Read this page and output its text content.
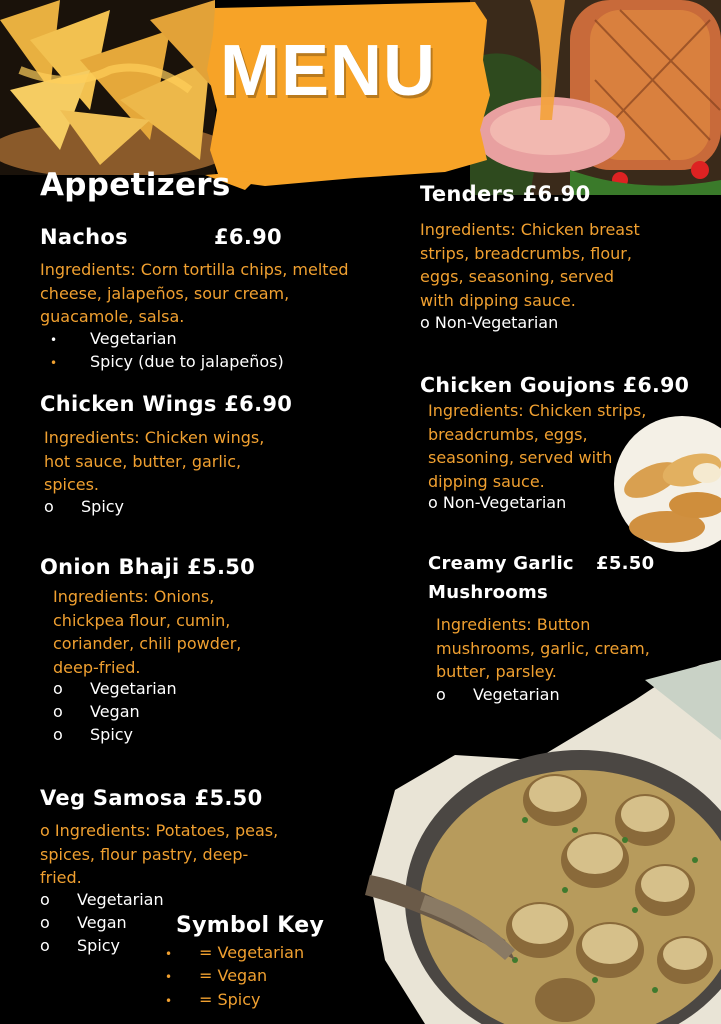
MENU
Appetizers
Nachos	£6.90
Ingredients: Corn tortilla chips, melted
cheese, jalapeños, sour cream,
guacamole, salsa.
• Vegetarian
• Spicy (due to jalapeños)
Chicken Wings £6.90
Ingredients: Chicken wings,
hot sauce, butter, garlic,
spices.
o Spicy
Onion Bhaji £5.50
Ingredients: Onions,
chickpea flour, cumin,
coriander, chili powder,
deep-fried.
o Vegetarian
o Vegan
o Spicy
Veg Samosa £5.50
o Ingredients: Potatoes, peas,
spices, flour pastry, deep-
fried.
o Vegetarian
o Vegan
o Spicy
Symbol Key
• = Vegetarian
• = Vegan
• = Spicy
Tenders £6.90
Ingredients: Chicken breast
strips, breadcrumbs, flour,
eggs, seasoning, served
with dipping sauce.
o Non-Vegetarian
Chicken Goujons £6.90
Ingredients: Chicken strips,
breadcrumbs, eggs,
seasoning, served with
dipping sauce.
o Non-Vegetarian
Creamy Garlic £5.50
Mushrooms
Ingredients: Button
mushrooms, garlic, cream,
butter, parsley.
o Vegetarian
